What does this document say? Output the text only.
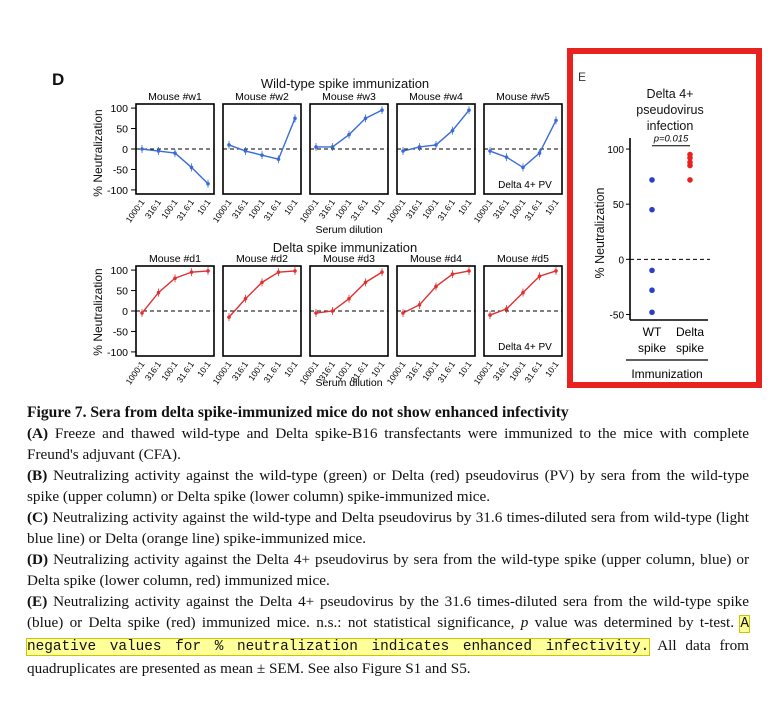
D	Wild-type spike immunization
Delta spike immunization
% Neutralization
% Neutralization
100
50
0
-50
-100
Mouse #w1
1000:1
316:1
100:1
31.6:1
10:1
Mouse #w2
1000:1
316:1
100:1
31.6:1
10:1
Mouse #w3
1000:1
316:1
100:1
31.6:1
10:1
Mouse #w4
1000:1
316:1
100:1
31.6:1
10:1
Mouse #w5
1000:1
316:1
100:1
31.6:1
10:1
Delta 4+ PV
Serum dilution
100
50
0
-50
-100
Mouse #d1
1000:1
316:1
100:1
31.6:1
10:1
Mouse #d2
1000:1
316:1
100:1
31.6:1
10:1
Mouse #d3
1000:1
316:1
100:1
31.6:1
10:1
Mouse #d4
1000:1
316:1
100:1
31.6:1
10:1
Mouse #d5
1000:1
316:1
100:1
31.6:1
10:1
Delta 4+ PV
Serum dilution
E
Delta 4+
pseudovirus
infection
% Neutralization
100
50
0
-50
p=0.015
WT
spike
Delta
spike
Immunization

Figure 7. Sera from delta spike-immunized mice do not show enhanced infectivity

(A) Freeze and thawed wild-type and Delta spike-B16 transfectants were immunized to the mice with complete Freund's adjuvant (CFA).

(B) Neutralizing activity against the wild-type (green) or Delta (red) pseudovirus (PV) by sera from the wild-type spike (upper column) or Delta spike (lower column) spike-immunized mice.

(C) Neutralizing activity against the wild-type and Delta pseudovirus by 31.6 times-diluted sera from wild-type (light blue line) or Delta (orange line) spike-immunized mice.

(D) Neutralizing activity against the Delta 4+ pseudovirus by sera from the wild-type spike (upper column, blue) or Delta spike (lower column, red) immunized mice.

(E) Neutralizing activity against the Delta 4+ pseudovirus by the 31.6 times-diluted sera from the wild-type spike (blue) or Delta spike (red) immunized mice. n.s.: not statistical significance, p value was determined by t-test. A negative values for % neutralization indicates enhanced infectivity. All data from quadruplicates are presented as mean ± SEM. See also Figure S1 and S5.
